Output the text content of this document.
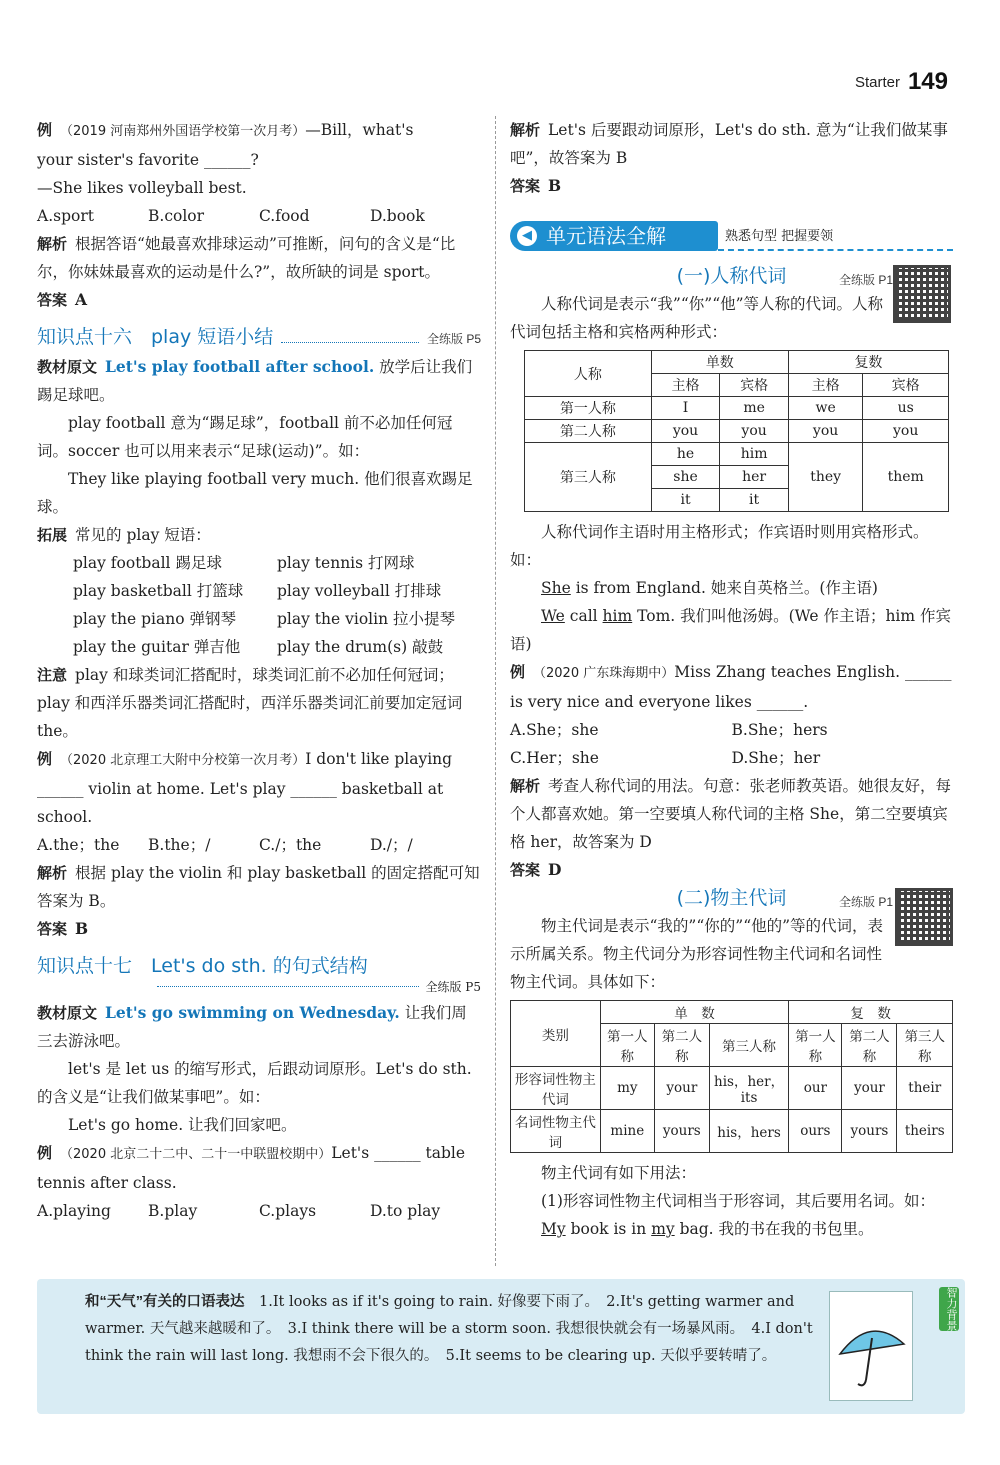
Starter 149
例 （2019 河南郑州外国语学校第一次月考）—Bill，what's
your sister's favorite ______?
—She likes volleyball best.
A.sport	B.color	C.food	D.book
解析 根据答语“她最喜欢排球运动”可推断，问句的含义是“比尔，你妹妹最喜欢的运动是什么?”，故所缺的词是 sport。
答案 A
知识点十六　play 短语小结	全练版 P5
教材原文 Let's play football after school. 放学后让我们踢足球吧。
play football 意为“踢足球”，football 前不必加任何冠词。soccer 也可以用来表示“足球(运动)”。如：
They like playing football very much. 他们很喜欢踢足球。
拓展 常见的 play 短语：
play football 踢足球	play tennis 打网球
play basketball 打篮球	play volleyball 打排球
play the piano 弹钢琴	play the violin 拉小提琴
play the guitar 弹吉他	play the drum(s) 敲鼓
注意 play 和球类词汇搭配时，球类词汇前不必加任何冠词；play 和西洋乐器类词汇搭配时，西洋乐器类词汇前要加定冠词 the。
例 （2020 北京理工大附中分校第一次月考）I don't like playing ______ violin at home. Let's play ______ basketball at school.
A.the；the	B.the；/	C./；the	D./；/
解析 根据 play the violin 和 play basketball 的固定搭配可知答案为 B。
答案 B
知识点十七　Let's do sth. 的句式结构
全练版 P5
教材原文 Let's go swimming on Wednesday. 让我们周三去游泳吧。
let's 是 let us 的缩写形式，后跟动词原形。Let's do sth. 的含义是“让我们做某事吧”。如：
Let's go home. 让我们回家吧。
例 （2020 北京二十二中、二十一中联盟校期中）Let's ______ table tennis after class.
A.playing	B.play	C.plays	D.to play
解析 Let's 后要跟动词原形，Let's do sth. 意为“让我们做某事吧”，故答案为 B
答案 B
◀ 单元语法全解	熟悉句型 把握要领
(一)人称代词	全练版 P1
人称代词是表示“我”“你”“他”等人称的代词。人称代词包括主格和宾格两种形式：
人称	单数		复数	
	主格	宾格	主格	宾格
第一人称	I	me	we	us
第二人称	you	you	you	you
第三人称	he	him	they	them
	she	her		
	it	it		
人称代词作主语时用主格形式；作宾语时则用宾格形式。如：
She is from England. 她来自英格兰。(作主语)
We call him Tom. 我们叫他汤姆。(We 作主语；him 作宾语)
例 （2020 广东珠海期中）Miss Zhang teaches English. ______ is very nice and everyone likes ______.
A.She；she	B.She；hers
C.Her；she	D.She；her
解析 考查人称代词的用法。句意：张老师教英语。她很友好，每个人都喜欢她。第一空要填人称代词的主格 She，第二空要填宾格 her，故答案为 D
答案 D
(二)物主代词	全练版 P1
物主代词是表示“我的”“你的”“他的”等的代词，表示所属关系。物主代词分为形容词性物主代词和名词性物主代词。具体如下：
类别	单　数			复　数		
	第一人称	第二人称	第三人称	第一人称	第二人称	第三人称
形容词性物主代词	my	your	his，her，its	our	your	their
名词性物主代词	mine	yours	his，hers	ours	yours	theirs
物主代词有如下用法：
(1)形容词性物主代词相当于形容词，其后要用名词。如：
My book is in my bag. 我的书在我的书包里。
和“天气”有关的口语表达　 1.It looks as if it's going to rain. 好像要下雨了。　2.It's getting warmer and warmer. 天气越来越暖和了。　3.I think there will be a storm soon. 我想很快就会有一场暴风雨。　4.I don't think the rain will last long. 我想雨不会下很久的。　5.It seems to be clearing up. 天似乎要转晴了。
智力背景
